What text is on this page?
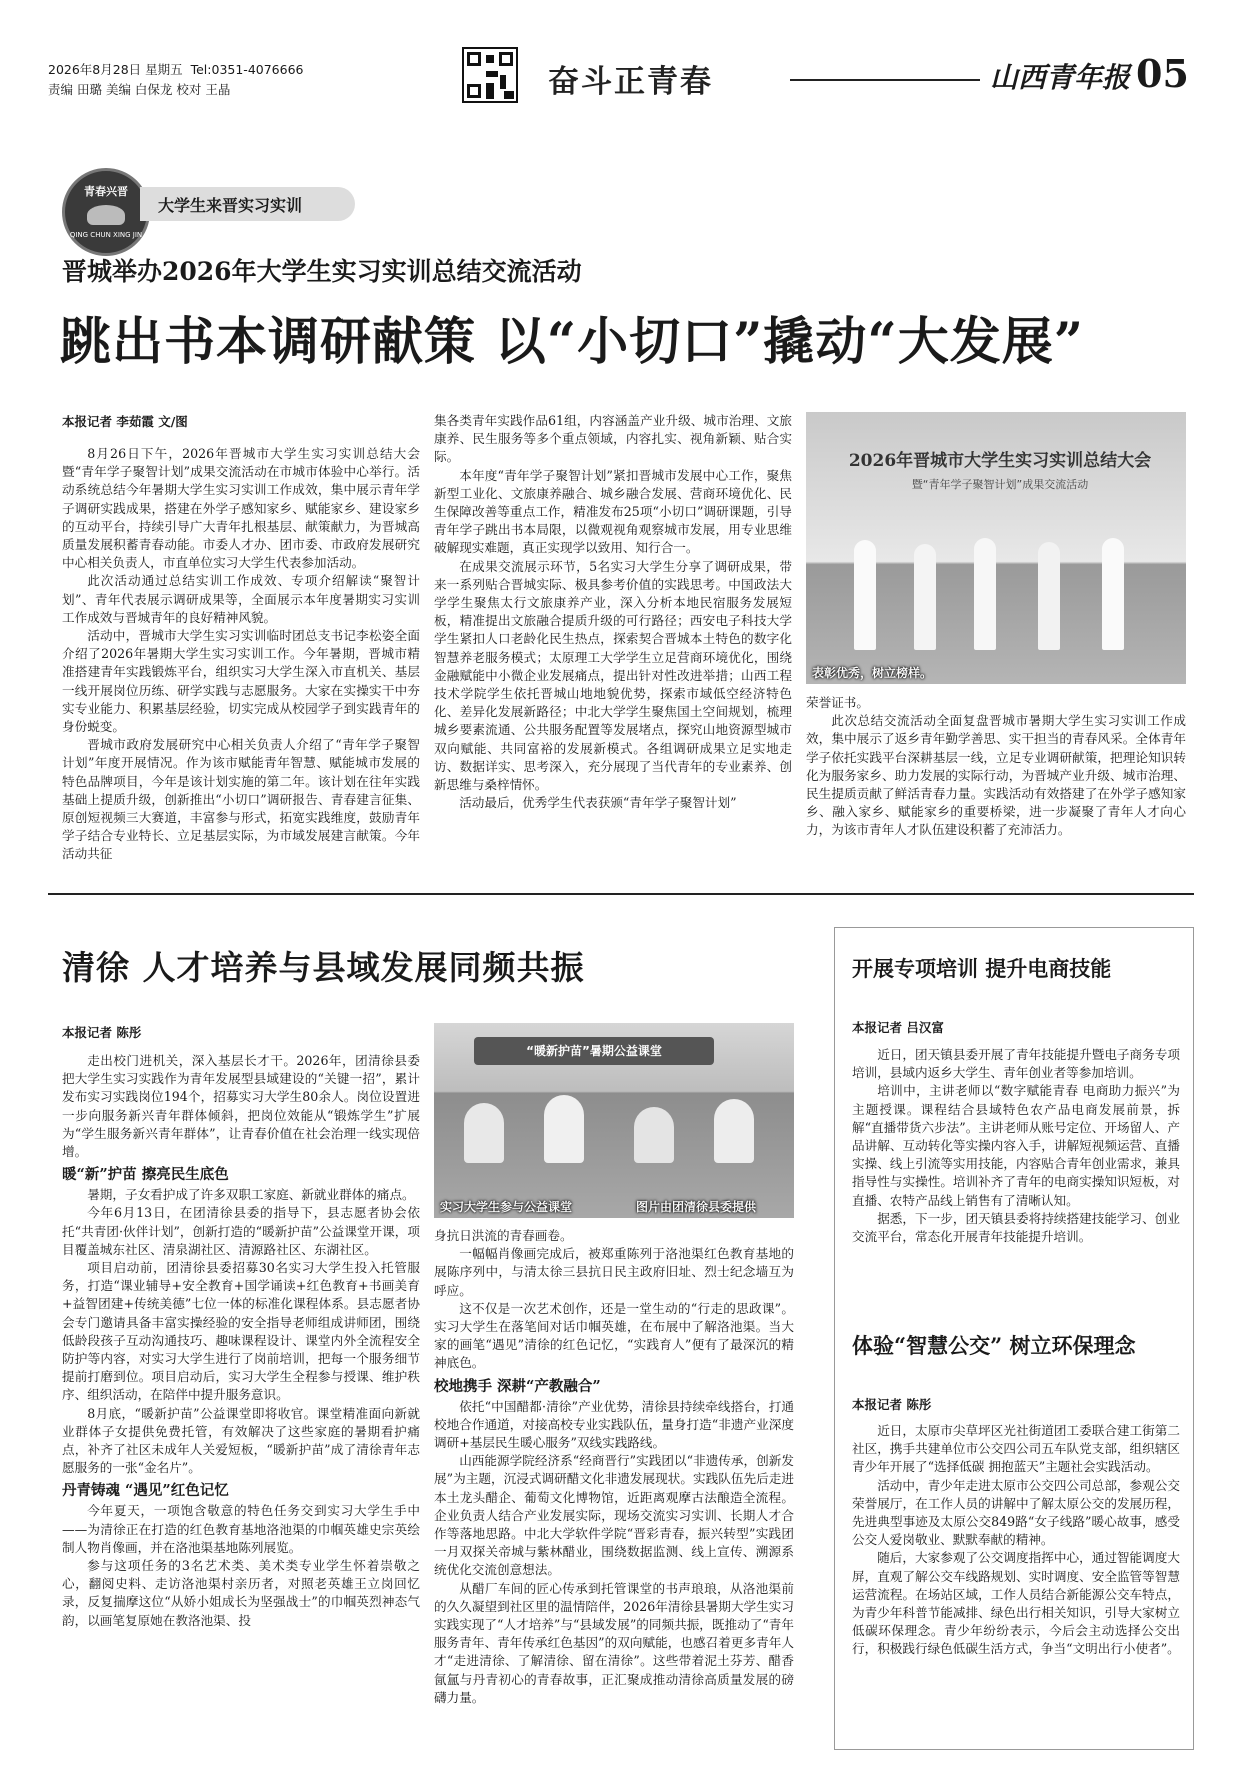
2026年8月28日 星期五 Tel:0351-4076666
责编 田璐 美编 白保龙 校对 王晶	奋斗正青春	山西青年报 05
青春兴晋
QING CHUN XING JIN
大学生来晋实习实训
晋城举办2026年大学生实习实训总结交流活动
跳出书本调研献策 以“小切口”撬动“大发展”
本报记者 李茹霞 文/图

8月26日下午，2026年晋城市大学生实习实训总结大会暨“青年学子聚智计划”成果交流活动在市城市体验中心举行。活动系统总结今年暑期大学生实习实训工作成效，集中展示青年学子调研实践成果，搭建在外学子感知家乡、赋能家乡、建设家乡的互动平台，持续引导广大青年扎根基层、献策献力，为晋城高质量发展积蓄青春动能。市委人才办、团市委、市政府发展研究中心相关负责人，市直单位实习大学生代表参加活动。

此次活动通过总结实训工作成效、专项介绍解读“聚智计划”、青年代表展示调研成果等，全面展示本年度暑期实习实训工作成效与晋城青年的良好精神风貌。

活动中，晋城市大学生实习实训临时团总支书记李松姿全面介绍了2026年暑期大学生实习实训工作。今年暑期，晋城市精准搭建青年实践锻炼平台，组织实习大学生深入市直机关、基层一线开展岗位历练、研学实践与志愿服务。大家在实操实干中夯实专业能力、积累基层经验，切实完成从校园学子到实践青年的身份蜕变。

晋城市政府发展研究中心相关负责人介绍了“青年学子聚智计划”年度开展情况。作为该市赋能青年智慧、赋能城市发展的特色品牌项目，今年是该计划实施的第二年。该计划在往年实践基础上提质升级，创新推出“小切口”调研报告、青春建言征集、原创短视频三大赛道，丰富参与形式，拓宽实践维度，鼓励青年学子结合专业特长、立足基层实际，为市域发展建言献策。今年活动共征

集各类青年实践作品61组，内容涵盖产业升级、城市治理、文旅康养、民生服务等多个重点领域，内容扎实、视角新颖、贴合实际。

本年度“青年学子聚智计划”紧扣晋城市发展中心工作，聚焦新型工业化、文旅康养融合、城乡融合发展、营商环境优化、民生保障改善等重点工作，精准发布25项“小切口”调研课题，引导青年学子跳出书本局限，以微观视角观察城市发展，用专业思维破解现实难题，真正实现学以致用、知行合一。

在成果交流展示环节，5名实习大学生分享了调研成果，带来一系列贴合晋城实际、极具参考价值的实践思考。中国政法大学学生聚焦太行文旅康养产业，深入分析本地民宿服务发展短板，精准提出文旅融合提质升级的可行路径；西安电子科技大学学生紧扣人口老龄化民生热点，探索契合晋城本土特色的数字化智慧养老服务模式；太原理工大学学生立足营商环境优化，围绕金融赋能中小微企业发展痛点，提出针对性改进举措；山西工程技术学院学生依托晋城山地地貌优势，探索市域低空经济特色化、差异化发展新路径；中北大学学生聚焦国土空间规划，梳理城乡要素流通、公共服务配置等发展堵点，探究山地资源型城市双向赋能、共同富裕的发展新模式。各组调研成果立足实地走访、数据详实、思考深入，充分展现了当代青年的专业素养、创新思维与桑梓情怀。

活动最后，优秀学生代表获颁“青年学子聚智计划”

2026年晋城市大学生实习实训总结大会
暨“青年学子聚智计划”成果交流活动
表彰优秀，树立榜样。

荣誉证书。

此次总结交流活动全面复盘晋城市暑期大学生实习实训工作成效，集中展示了返乡青年勤学善思、实干担当的青春风采。全体青年学子依托实践平台深耕基层一线，立足专业调研献策，把理论知识转化为服务家乡、助力发展的实际行动，为晋城产业升级、城市治理、民生提质贡献了鲜活青春力量。实践活动有效搭建了在外学子感知家乡、融入家乡、赋能家乡的重要桥梁，进一步凝聚了青年人才向心力，为该市青年人才队伍建设积蓄了充沛活力。

清徐 人才培养与县域发展同频共振
本报记者 陈彤

走出校门进机关，深入基层长才干。2026年，团清徐县委把大学生实习实践作为青年发展型县域建设的“关键一招”，累计发布实习实践岗位194个，招募实习大学生80余人。岗位设置进一步向服务新兴青年群体倾斜，把岗位效能从“锻炼学生”扩展为“学生服务新兴青年群体”，让青春价值在社会治理一线实现倍增。

暖“新”护苗 擦亮民生底色

暑期，子女看护成了许多双职工家庭、新就业群体的痛点。

今年6月13日，在团清徐县委的指导下，县志愿者协会依托“共青团·伙伴计划”，创新打造的“暖新护苗”公益课堂开课，项目覆盖城东社区、清泉湖社区、清源路社区、东湖社区。

项目启动前，团清徐县委招募30名实习大学生投入托管服务，打造“课业辅导+安全教育+国学诵读+红色教育+书画美育+益智团建+传统美德”七位一体的标准化课程体系。县志愿者协会专门邀请具备丰富实操经验的安全指导老师组成讲师团，围绕低龄段孩子互动沟通技巧、趣味课程设计、课堂内外全流程安全防护等内容，对实习大学生进行了岗前培训，把每一个服务细节提前打磨到位。项目启动后，实习大学生全程参与授课、维护秩序、组织活动，在陪伴中提升服务意识。

8月底，“暖新护苗”公益课堂即将收官。课堂精准面向新就业群体子女提供免费托管，有效解决了这些家庭的暑期看护痛点，补齐了社区未成年人关爱短板，“暖新护苗”成了清徐青年志愿服务的一张“金名片”。

丹青铸魂 “遇见”红色记忆

今年夏天，一项饱含敬意的特色任务交到实习大学生手中——为清徐正在打造的红色教育基地洛池渠的巾帼英雄史宗英绘制人物肖像画，并在洛池渠基地陈列展览。

参与这项任务的3名艺术类、美术类专业学生怀着崇敬之心，翻阅史料、走访洛池渠村亲历者，对照老英雄王立岗回忆录，反复揣摩这位“从娇小姐成长为坚强战士”的巾帼英烈神态气韵，以画笔复原她在教洛池渠、投

“暖新护苗”暑期公益课堂
实习大学生参与公益课堂	图片由团清徐县委提供

身抗日洪流的青春画卷。

一幅幅肖像画完成后，被郑重陈列于洛池渠红色教育基地的展陈序列中，与清太徐三县抗日民主政府旧址、烈士纪念墙互为呼应。

这不仅是一次艺术创作，还是一堂生动的“行走的思政课”。实习大学生在落笔间对话巾帼英雄，在布展中了解洛池渠。当大家的画笔“遇见”清徐的红色记忆，“实践育人”便有了最深沉的精神底色。

校地携手 深耕“产教融合”

依托“中国醋都·清徐”产业优势，清徐县持续牵线搭台，打通校地合作通道，对接高校专业实践队伍，量身打造“非遗产业深度调研+基层民生暖心服务”双线实践路线。

山西能源学院经济系“经商晋行”实践团以“非遗传承，创新发展”为主题，沉浸式调研醋文化非遗发展现状。实践队伍先后走进本土龙头醋企、葡萄文化博物馆，近距离观摩古法酿造全流程。企业负责人结合产业发展实际，现场交流实习实训、长期人才合作等落地思路。中北大学软件学院“晋彩青春，振兴转型”实践团一月双探关帝城与紫林醋业，围绕数据监测、线上宣传、溯源系统优化交流创意想法。

从醋厂车间的匠心传承到托管课堂的书声琅琅，从洛池渠前的久久凝望到社区里的温情陪伴，2026年清徐县暑期大学生实习实践实现了“人才培养”与“县域发展”的同频共振，既推动了“青年服务青年、青年传承红色基因”的双向赋能，也感召着更多青年人才“走进清徐、了解清徐、留在清徐”。这些带着泥土芬芳、醋香氤氲与丹青初心的青春故事，正汇聚成推动清徐高质量发展的磅礴力量。

开展专项培训 提升电商技能
本报记者 吕汉富

近日，团天镇县委开展了青年技能提升暨电子商务专项培训，县域内返乡大学生、青年创业者等参加培训。

培训中，主讲老师以“数字赋能青春 电商助力振兴”为主题授课。课程结合县域特色农产品电商发展前景，拆解“直播带货六步法”。主讲老师从账号定位、开场留人、产品讲解、互动转化等实操内容入手，讲解短视频运营、直播实操、线上引流等实用技能，内容贴合青年创业需求，兼具指导性与实操性。培训补齐了青年的电商实操知识短板，对直播、农特产品线上销售有了清晰认知。

据悉，下一步，团天镇县委将持续搭建技能学习、创业交流平台，常态化开展青年技能提升培训。

体验“智慧公交” 树立环保理念
本报记者 陈彤

近日，太原市尖草坪区光社街道团工委联合建工街第二社区，携手共建单位市公交四公司五车队党支部，组织辖区青少年开展了“选择低碳 拥抱蓝天”主题社会实践活动。

活动中，青少年走进太原市公交四公司总部，参观公交荣誉展厅，在工作人员的讲解中了解太原公交的发展历程，先进典型事迹及太原公交849路“女子线路”暖心故事，感受公交人爱岗敬业、默默奉献的精神。

随后，大家参观了公交调度指挥中心，通过智能调度大屏，直观了解公交车线路规划、实时调度、安全监管等智慧运营流程。在场站区域，工作人员结合新能源公交车特点，为青少年科普节能减排、绿色出行相关知识，引导大家树立低碳环保理念。青少年纷纷表示，今后会主动选择公交出行，积极践行绿色低碳生活方式，争当“文明出行小使者”。
